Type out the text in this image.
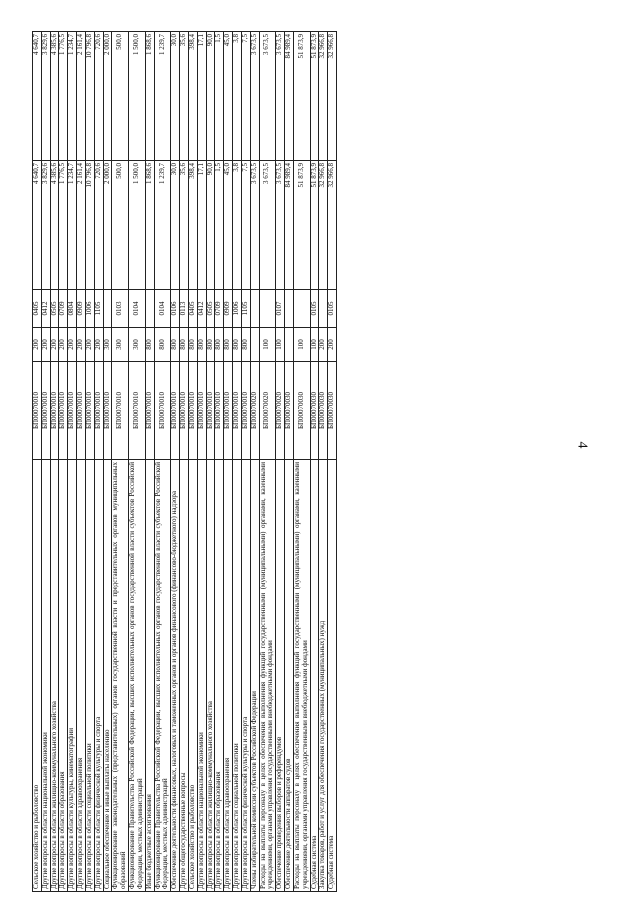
4
Сельское хозяйство и рыболовство	БП00070010	200	0405	4 640,7	4 640,7
Другие вопросы в области национальной экономики	БП00070010	200	0412	3 829,6	3 829,6
Другие вопросы в области жилищно-коммунального хозяйства	БП00070010	200	0505	4 385,6	4 385,6
Другие вопросы в области образования	БП00070010	200	0709	1 776,5	1 776,5
Другие вопросы в области культуры, кинематографии	БП00070010	200	0804	1 234,7	1 234,7
Другие вопросы в области здравоохранения	БП00070010	200	0909	2 161,4	2 161,4
Другие вопросы в области социальной политики	БП00070010	200	1006	10 796,8	10 796,8
Другие вопросы в области физической культуры и спорта	БП00070010	200	1105	720,6	720,6
Социальное обеспечение и иные выплаты населению	БП00070010	300		2 000,0	2 000,0
Функционирование законодательных (представительных) органов государственной власти и представительных органов муниципальных образований	БП00070010	300	0103	500,0	500,0
Функционирование Правительства Российской Федерации, высших исполнительных органов государственной власти субъектов Российской Федерации, местных администраций	БП00070010	300	0104	1 500,0	1 500,0
Иные бюджетные ассигнования	БП00070010	800		1 868,6	1 868,6
Функционирование Правительства Российской Федерации, высших исполнительных органов государственной власти субъектов Российской Федерации, местных администраций	БП00070010	800	0104	1 239,7	1 239,7
Обеспечение деятельности финансовых, налоговых и таможенных органов и органов финансового (финансово-бюджетного) надзора	БП00070010	800	0106	30,0	30,0
Другие общегосударственные вопросы	БП00070010	800	0113	35,6	35,6
Сельское хозяйство и рыболовство	БП00070010	800	0405	398,4	398,4
Другие вопросы в области национальной экономики	БП00070010	800	0412	17,1	17,1
Другие вопросы в области жилищно-коммунального хозяйства	БП00070010	800	0505	90,0	90,0
Другие вопросы в области образования	БП00070010	800	0709	1,5	1,5
Другие вопросы в области здравоохранения	БП00070010	800	0909	45,0	45,0
Другие вопросы в области социальной политики	БП00070010	800	1006	3,8	3,8
Другие вопросы в области физической культуры и спорта	БП00070010	800	1105	7,5	7,5
Члены избирательной комиссии субъектов Российской Федерации	БП00070020			3 673,5	3 673,5
Расходы на выплаты персоналу в целях обеспечения выполнения функций государственными (муниципальными) органами, казенными учреждениями, органами управления государственными внебюджетными фондами	БП00070020	100		3 673,5	3 673,5
Обеспечение проведения выборов и референдумов	БП00070020	100	0107	3 673,5	3 673,5
Обеспечение деятельности аппаратов судов	БП00070030			84 989,4	84 989,4
Расходы на выплаты персоналу в целях обеспечения выполнения функций государственными (муниципальными) органами, казенными учреждениями, органами управления государственными внебюджетными фондами	БП00070030	100		51 873,9	51 873,9
Судебная система	БП00070030	100	0105	51 873,9	51 873,9
Закупка товаров, работ и услуг для обеспечения государственных (муниципальных) нужд	БП00070030	200		32 966,8	32 966,8
Судебная система	БП00070030	200	0105	32 966,8	32 966,8
